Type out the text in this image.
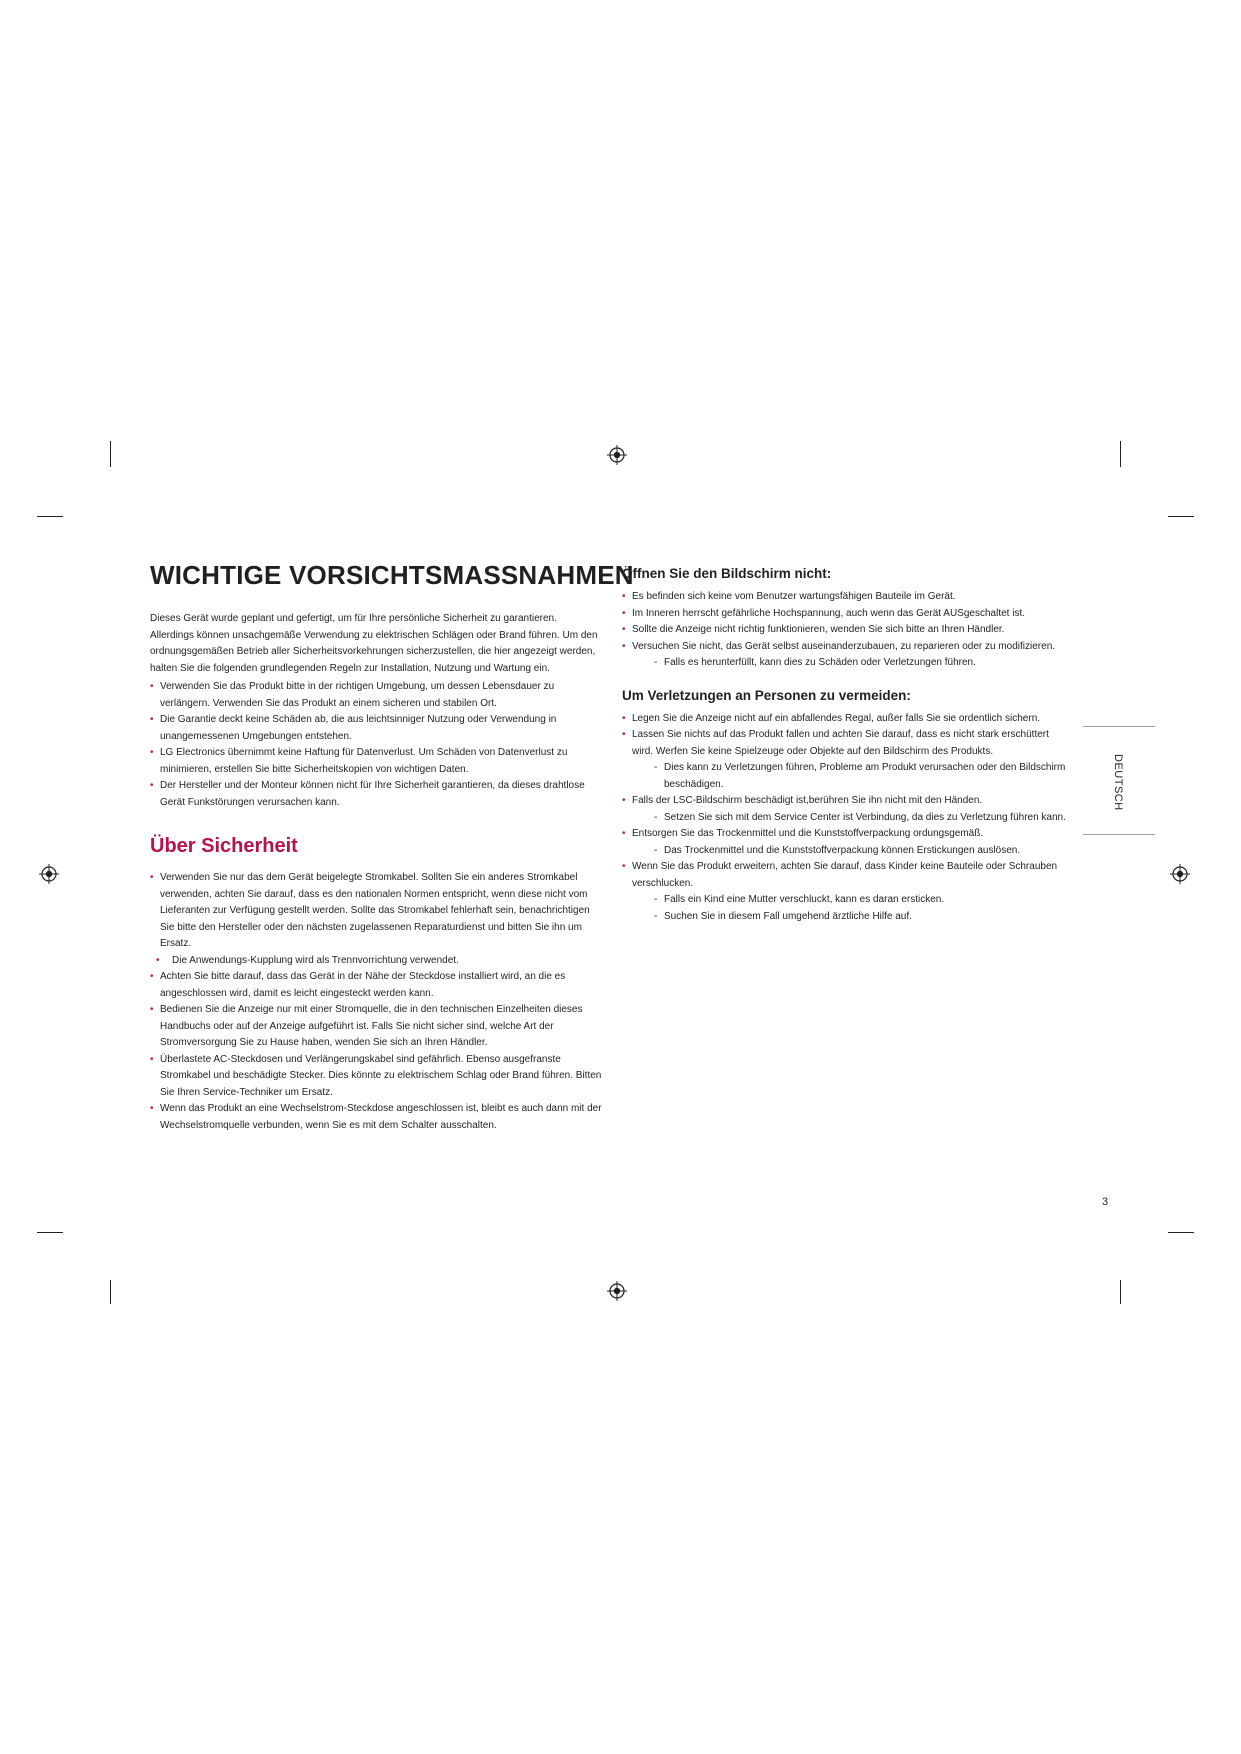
WICHTIGE VORSICHTSMASSNAHMEN

Dieses Gerät wurde geplant und gefertigt, um für Ihre persönliche Sicherheit zu garantieren. Allerdings können unsachgemäße Verwendung zu elektrischen Schlägen oder Brand führen. Um den ordnungsgemäßen Betrieb aller Sicherheitsvorkehrungen sicherzustellen, die hier angezeigt werden, halten Sie die folgenden grundlegenden Regeln zur Installation, Nutzung und Wartung ein.

• Verwenden Sie das Produkt bitte in der richtigen Umgebung, um dessen Lebensdauer zu verlängern. Verwenden Sie das Produkt an einem sicheren und stabilen Ort.
• Die Garantie deckt keine Schäden ab, die aus leichtsinniger Nutzung oder Verwendung in unangemessenen Umgebungen entstehen.
• LG Electronics übernimmt keine Haftung für Datenverlust. Um Schäden von Datenverlust zu minimieren, erstellen Sie bitte Sicherheitskopien von wichtigen Daten.
• Der Hersteller und der Monteur können nicht für Ihre Sicherheit garantieren, da dieses drahtlose Gerät Funkstörungen verursachen kann.
Über Sicherheit
• Verwenden Sie nur das dem Gerät beigelegte Stromkabel. Sollten Sie ein anderes Stromkabel verwenden, achten Sie darauf, dass es den nationalen Normen entspricht, wenn diese nicht vom Lieferanten zur Verfügung gestellt werden. Sollte das Stromkabel fehlerhaft sein, benachrichtigen Sie bitte den Hersteller oder den nächsten zugelassenen Reparaturdienst und bitten Sie ihn um Ersatz.
• Die Anwendungs-Kupplung wird als Trennvorrichtung verwendet.
• Achten Sie bitte darauf, dass das Gerät in der Nähe der Steckdose installiert wird, an die es angeschlossen wird, damit es leicht eingesteckt werden kann.
• Bedienen Sie die Anzeige nur mit einer Stromquelle, die in den technischen Einzelheiten dieses Handbuchs oder auf der Anzeige aufgeführt ist. Falls Sie nicht sicher sind, welche Art der Stromversorgung Sie zu Hause haben, wenden Sie sich an Ihren Händler.
• Überlastete AC-Steckdosen und Verlängerungskabel sind gefährlich. Ebenso ausgefranste Stromkabel und beschädigte Stecker. Dies könnte zu elektrischem Schlag oder Brand führen. Bitten Sie Ihren Service-Techniker um Ersatz.
• Wenn das Produkt an eine Wechselstrom-Steckdose angeschlossen ist, bleibt es auch dann mit der Wechselstromquelle verbunden, wenn Sie es mit dem Schalter ausschalten.
Öffnen Sie den Bildschirm nicht:
• Es befinden sich keine vom Benutzer wartungsfähigen Bauteile im Gerät.
• Im Inneren herrscht gefährliche Hochspannung, auch wenn das Gerät AUSgeschaltet ist.
• Sollte die Anzeige nicht richtig funktionieren, wenden Sie sich bitte an Ihren Händler.
• Versuchen Sie nicht, das Gerät selbst auseinanderzubauen, zu reparieren oder zu modifizieren.
- Falls es herunterfüllt, kann dies zu Schäden oder Verletzungen führen.
Um Verletzungen an Personen zu vermeiden:
• Legen Sie die Anzeige nicht auf ein abfallendes Regal, außer falls Sie sie ordentlich sichern.
• Lassen Sie nichts auf das Produkt fallen und achten Sie darauf, dass es nicht stark erschüttert wird. Werfen Sie keine Spielzeuge oder Objekte auf den Bildschirm des Produkts.
- Dies kann zu Verletzungen führen, Probleme am Produkt verursachen oder den Bildschirm beschädigen.
• Falls der LSC-Bildschirm beschädigt ist,berühren Sie ihn nicht mit den Händen.
- Setzen Sie sich mit dem Service Center ist Verbindung, da dies zu Verletzung führen kann.
• Entsorgen Sie das Trockenmittel und die Kunststoffverpackung ordungsgemäß.
- Das Trockenmittel und die Kunststoffverpackung können Erstickungen auslösen.
• Wenn Sie das Produkt erweitern, achten Sie darauf, dass Kinder keine Bauteile oder Schrauben verschlucken.
- Falls ein Kind eine Mutter verschluckt, kann es daran ersticken.
- Suchen Sie in diesem Fall umgehend ärztliche Hilfe auf.
DEUTSCH
3
